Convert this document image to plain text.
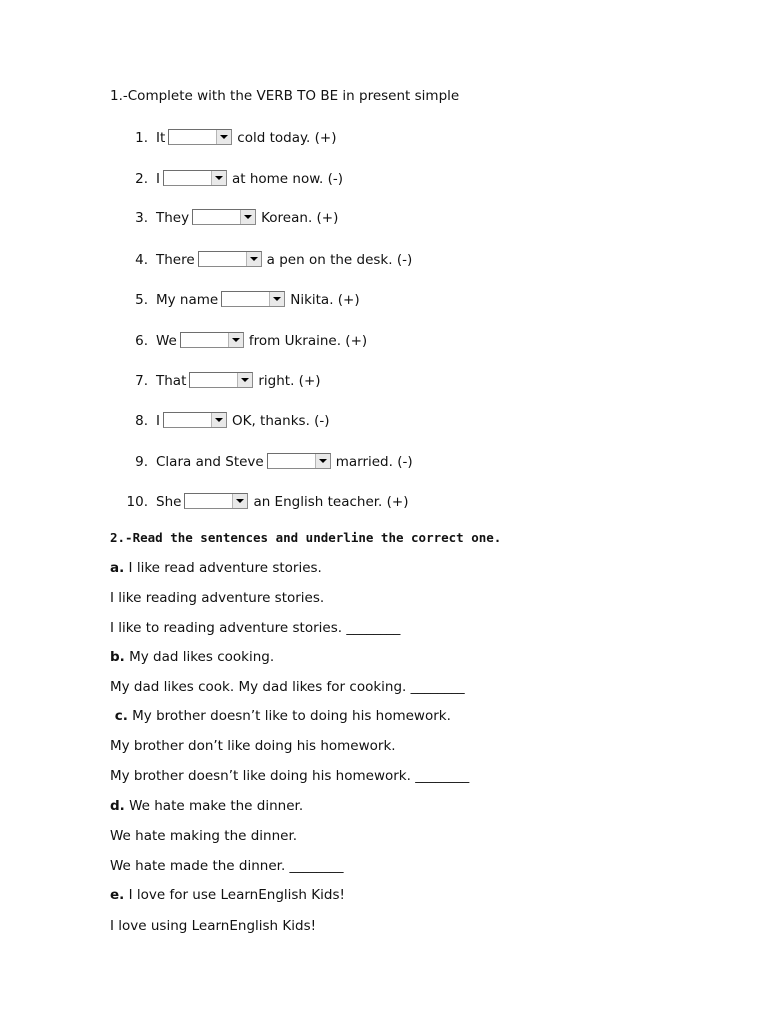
1.-Complete with the VERB TO BE in present simple
1. It	cold today. (+)
2. I	at home now. (-)
3. They	Korean. (+)
4. There	a pen on the desk. (-)
5. My name	Nikita. (+)
6. We	from Ukraine. (+)
7. That	right. (+)
8. I	OK, thanks. (-)
9. Clara and Steve	married. (-)
10. She	an English teacher. (+)
2.-Read the sentences and underline the correct one.
a. I like read adventure stories.
I like reading adventure stories.
I like to reading adventure stories. ________
b. My dad likes cooking.
My dad likes cook. My dad likes for cooking. ________
c. My brother doesn’t like to doing his homework.
My brother don’t like doing his homework.
My brother doesn’t like doing his homework. ________
d. We hate make the dinner.
We hate making the dinner.
We hate made the dinner. ________
e. I love for use LearnEnglish Kids!
I love using LearnEnglish Kids!
